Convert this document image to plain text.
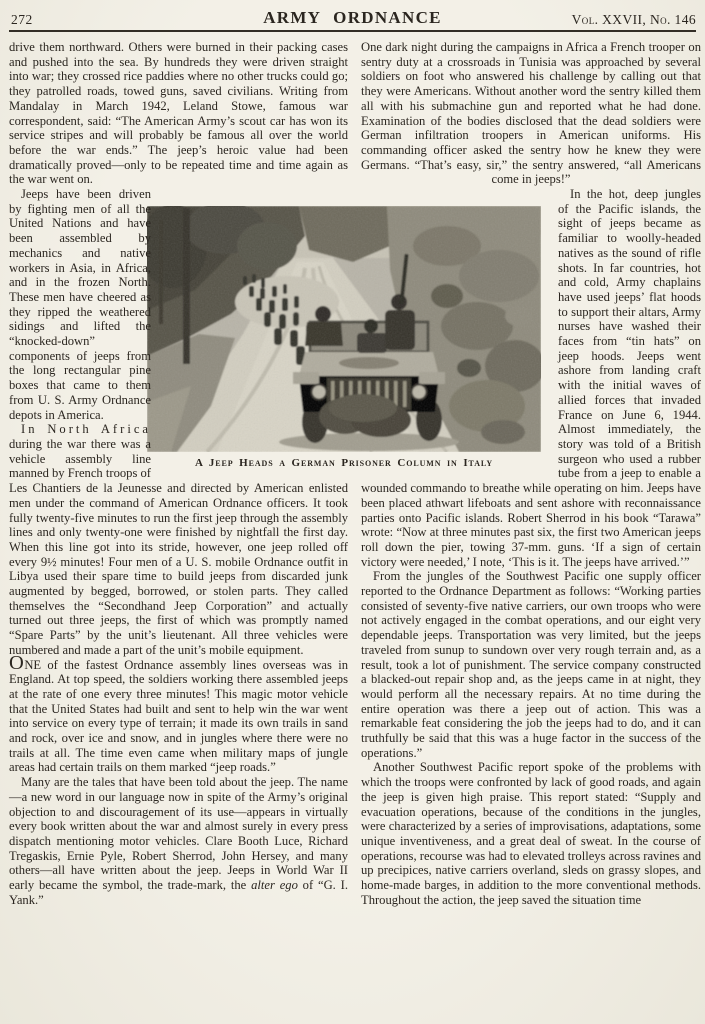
272	ARMY ORDNANCE	Vol. XXVII, No. 146
A Jeep Heads a German Prisoner Column in Italy

drive them northward. Others were burned in their packing cases and pushed into the sea. By hundreds they were driven straight into war; they crossed rice paddies where no other trucks could go; they patrolled roads, towed guns, saved civilians. Writing from Mandalay in March 1942, Leland Stowe, famous war correspondent, said: “The American Army’s scout car has won its service stripes and will probably be famous all over the world before the war ends.” The jeep’s heroic value had been dramatically proved—only to be repeated time and time again as the war went on.

Jeeps have been driven by fighting men of all the United Nations and have been assembled by mechanics and native workers in Asia, in Africa, and in the frozen North. These men have cheered as they ripped the weathered sidings and lifted the “knocked-down” components of jeeps from the long rectangular pine boxes that came to them from U. S. Army Ordnance depots in America.

In North Africa during the war there was a vehicle assembly line manned by French troops of Les Chantiers de la Jeunesse and directed by American enlisted men under the command of American Ordnance officers. It took fully twenty-five minutes to run the first jeep through the assembly lines and only twenty-one were finished by nightfall the first day. When this line got into its stride, however, one jeep rolled off every 9½ minutes! Four men of a U. S. mobile Ordnance outfit in Libya used their spare time to build jeeps from discarded junk augmented by begged, borrowed, or stolen parts. They called themselves the “Secondhand Jeep Corporation” and actually turned out three jeeps, the first of which was promptly named “Spare Parts” by the unit’s lieutenant. All three vehicles were numbered and made a part of the unit’s mobile equipment.

ONE of the fastest Ordnance assembly lines overseas was in England. At top speed, the soldiers working there assembled jeeps at the rate of one every three minutes! This magic motor vehicle that the United States had built and sent to help win the war went into service on every type of terrain; it made its own trails in sand and rock, over ice and snow, and in jungles where there were no trails at all. The time even came when military maps of jungle areas had certain trails on them marked “jeep roads.”

Many are the tales that have been told about the jeep. The name—a new word in our language now in spite of the Army’s original objection to and discouragement of its use—appears in virtually every book written about the war and almost surely in every press dispatch mentioning motor vehicles. Clare Booth Luce, Richard Tregaskis, Ernie Pyle, Robert Sherrod, John Hersey, and many others—all have written about the jeep. Jeeps in World War II early became the symbol, the trade-mark, the alter ego of “G. I. Yank.”

One dark night during the campaigns in Africa a French trooper on sentry duty at a crossroads in Tunisia was approached by several soldiers on foot who answered his challenge by calling out that they were Americans. Without another word the sentry killed them all with his submachine gun and reported what he had done. Examination of the bodies disclosed that the dead soldiers were German infiltration troopers in American uniforms. His commanding officer asked the sentry how he knew they were Germans. “That’s easy, sir,” the sentry answered, “all Americans come in jeeps!”

In the hot, deep jungles of the Pacific islands, the sight of jeeps became as familiar to woolly-headed natives as the sound of rifle shots. In far countries, hot and cold, Army chaplains have used jeeps’ flat hoods to support their altars, Army nurses have washed their faces from “tin hats” on jeep hoods. Jeeps went ashore from landing craft with the initial waves of allied forces that invaded France on June 6, 1944. Almost immediately, the story was told of a British surgeon who used a rubber tube from a jeep to enable a wounded commando to breathe while operating on him. Jeeps have been placed athwart lifeboats and sent ashore with reconnaissance parties onto Pacific islands. Robert Sherrod in his book “Tarawa” wrote: “Now at three minutes past six, the first two American jeeps roll down the pier, towing 37-mm. guns. ‘If a sign of certain victory were needed,’ I note, ‘This is it. The jeeps have arrived.’”

From the jungles of the Southwest Pacific one supply officer reported to the Ordnance Department as follows: “Working parties consisted of seventy-five native carriers, our own troops who were not actively engaged in the combat operations, and our eight very dependable jeeps. Transportation was very limited, but the jeeps traveled from sunup to sundown over very rough terrain and, as a result, took a lot of punishment. The service company constructed a blacked-out repair shop and, as the jeeps came in at night, they would perform all the necessary repairs. At no time during the entire operation was there a jeep out of action. This was a remarkable feat considering the job the jeeps had to do, and it can truthfully be said that this was a huge factor in the success of the operations.”

Another Southwest Pacific report spoke of the problems with which the troops were confronted by lack of good roads, and again the jeep is given high praise. This report stated: “Supply and evacuation operations, because of the conditions in the jungles, were characterized by a series of improvisations, adaptations, some unique inventiveness, and a great deal of sweat. In the course of operations, recourse was had to elevated trolleys across ravines and up precipices, native carriers overland, sleds on grassy slopes, and home-made barges, in addition to the more conventional methods. Throughout the action, the jeep saved the situation time
